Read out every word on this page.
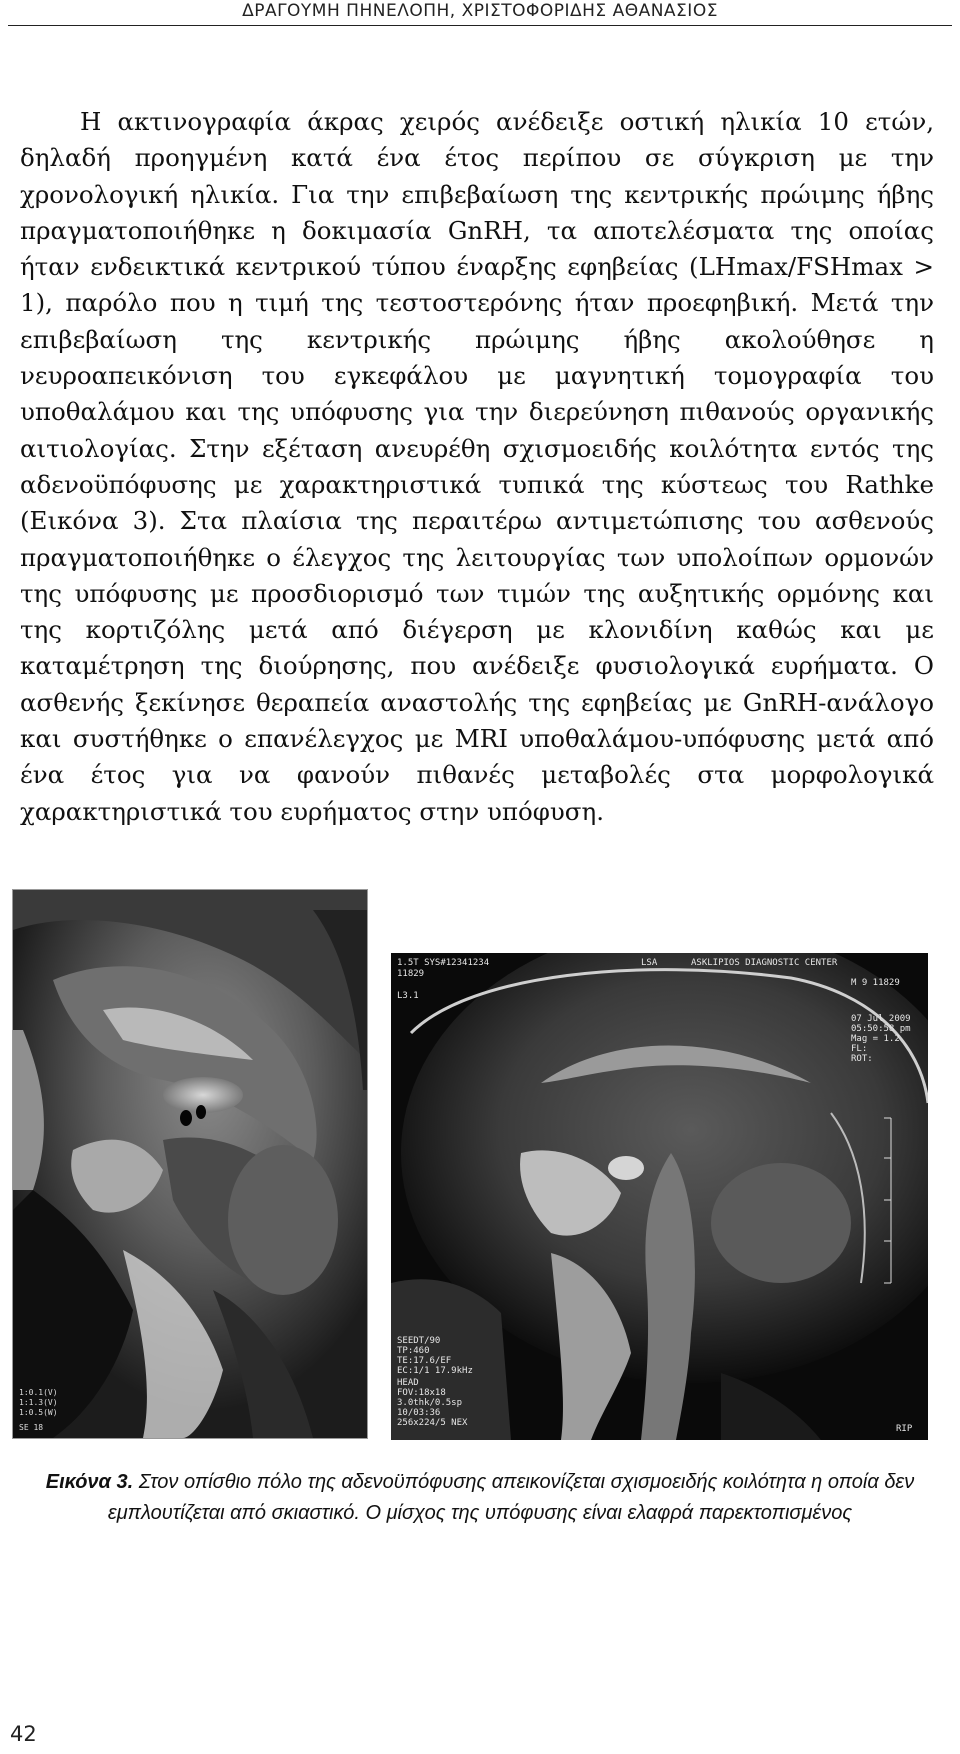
ΔΡΑΓΟΥΜΗ ΠΗΝΕΛΟΠΗ, ΧΡΙΣΤΟΦΟΡΙΔΗΣ ΑΘΑΝΑΣΙΟΣ

Η ακτινογραφία άκρας χειρός ανέδειξε οστική ηλικία 10 ετών, δηλαδή προηγμένη κατά ένα έτος περίπου σε σύγκριση με την χρονολογική ηλικία. Για την επιβεβαίωση της κεντρικής πρώιμης ήβης πραγματοποιήθηκε η δοκιμασία GnRH, τα αποτελέσματα της οποίας ήταν ενδεικτικά κεντρικού τύπου έναρξης εφηβείας (LHmax/FSHmax > 1), παρόλο που η τιμή της τεστοστερόνης ήταν προεφηβική. Μετά την επιβεβαίωση της κεντρικής πρώιμης ήβης ακολούθησε η νευροαπεικόνιση του εγκεφάλου με μαγνητική τομογραφία του υποθαλάμου και της υπόφυσης για την διερεύνηση πιθανούς οργανικής αιτιολογίας. Στην εξέταση ανευρέθη σχισμοειδής κοιλότητα εντός της αδενοϋπόφυσης με χαρακτηριστικά τυπικά της κύστεως του Rathke (Εικόνα 3). Στα πλαίσια της περαιτέρω αντιμετώπισης του ασθενούς πραγματοποιήθηκε ο έλεγχος της λειτουργίας των υπολοίπων ορμονών της υπόφυσης με προσδιορισμό των τιμών της αυξητικής ορμόνης και της κορτιζόλης μετά από διέγερση με κλονιδίνη καθώς και με καταμέτρηση της διούρησης, που ανέδειξε φυσιολογικά ευρήματα. Ο ασθενής ξεκίνησε θεραπεία αναστολής της εφηβείας με GnRH-ανάλογο και συστήθηκε ο επανέλεγχος με MRI υποθαλάμου-υπόφυσης μετά από ένα έτος για να φανούν πιθανές μεταβολές στα μορφολογικά χαρακτηριστικά του ευρήματος στην υπόφυση.

1:0.1(V)
1:1.3(V)
1:0.5(W)
SE 18
1.5T SYS#12341234
11829
L3.1
LSA	ASKLIPIOS DIAGNOSTIC CENTER
M 9 11829
07 Jul 2009
05:50:58 pm
Mag = 1.2
FL:
ROT:
SEEDT/90
TP:460
TE:17.6/EF
EC:1/1 17.9kHz
HEAD
FOV:18x18
3.0thk/0.5sp
10/03:36
256x224/5 NEX
RIP
Εικόνα 3. Στον οπίσθιο πόλο της αδενοϋπόφυσης απεικονίζεται σχισμοειδής κοιλότητα η οποία δεν εμπλουτίζεται από σκιαστικό. Ο μίσχος της υπόφυσης είναι ελαφρά παρεκτοπισμένος
42
